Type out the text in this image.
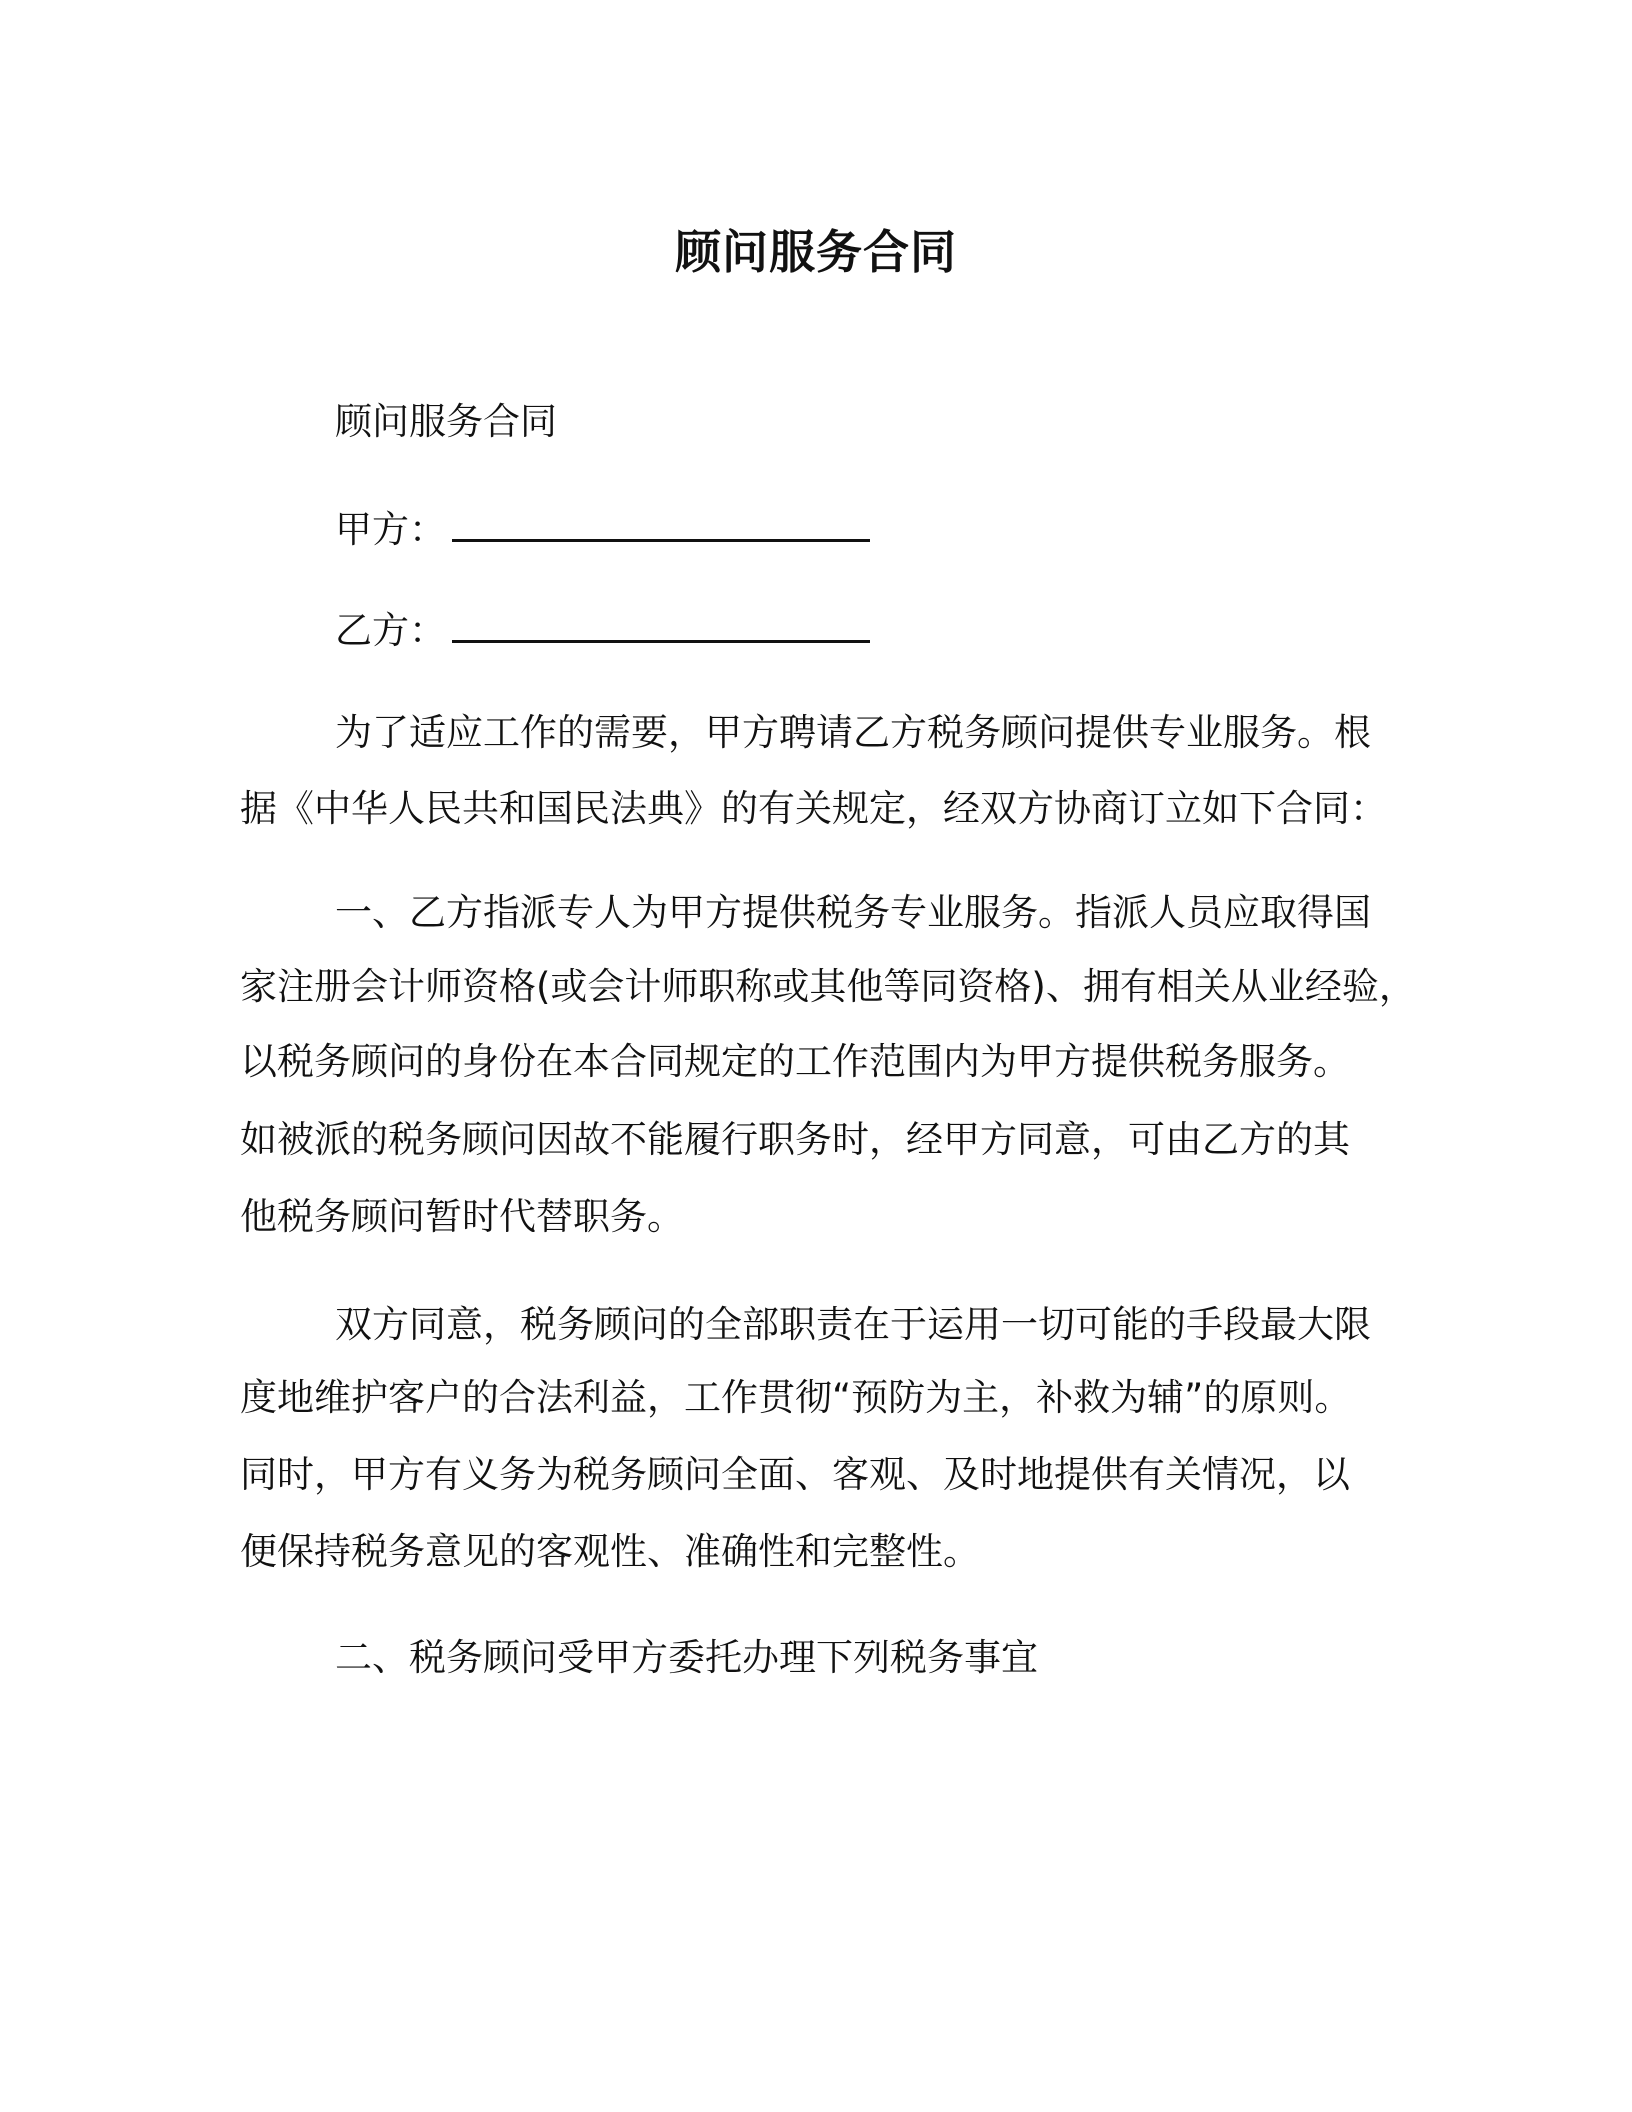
顾问服务合同
顾问服务合同
甲方：
乙方：
为了适应工作的需要，甲方聘请乙方税务顾问提供专业服务。根
据《中华人民共和国民法典》的有关规定，经双方协商订立如下合同：
一、乙方指派专人为甲方提供税务专业服务。指派人员应取得国
家注册会计师资格(或会计师职称或其他等同资格)、拥有相关从业经验，
以税务顾问的身份在本合同规定的工作范围内为甲方提供税务服务。
如被派的税务顾问因故不能履行职务时，经甲方同意，可由乙方的其
他税务顾问暂时代替职务。
双方同意，税务顾问的全部职责在于运用一切可能的手段最大限
度地维护客户的合法利益，工作贯彻“预防为主，补救为辅”的原则。
同时，甲方有义务为税务顾问全面、客观、及时地提供有关情况，以
便保持税务意见的客观性、准确性和完整性。
二、税务顾问受甲方委托办理下列税务事宜
